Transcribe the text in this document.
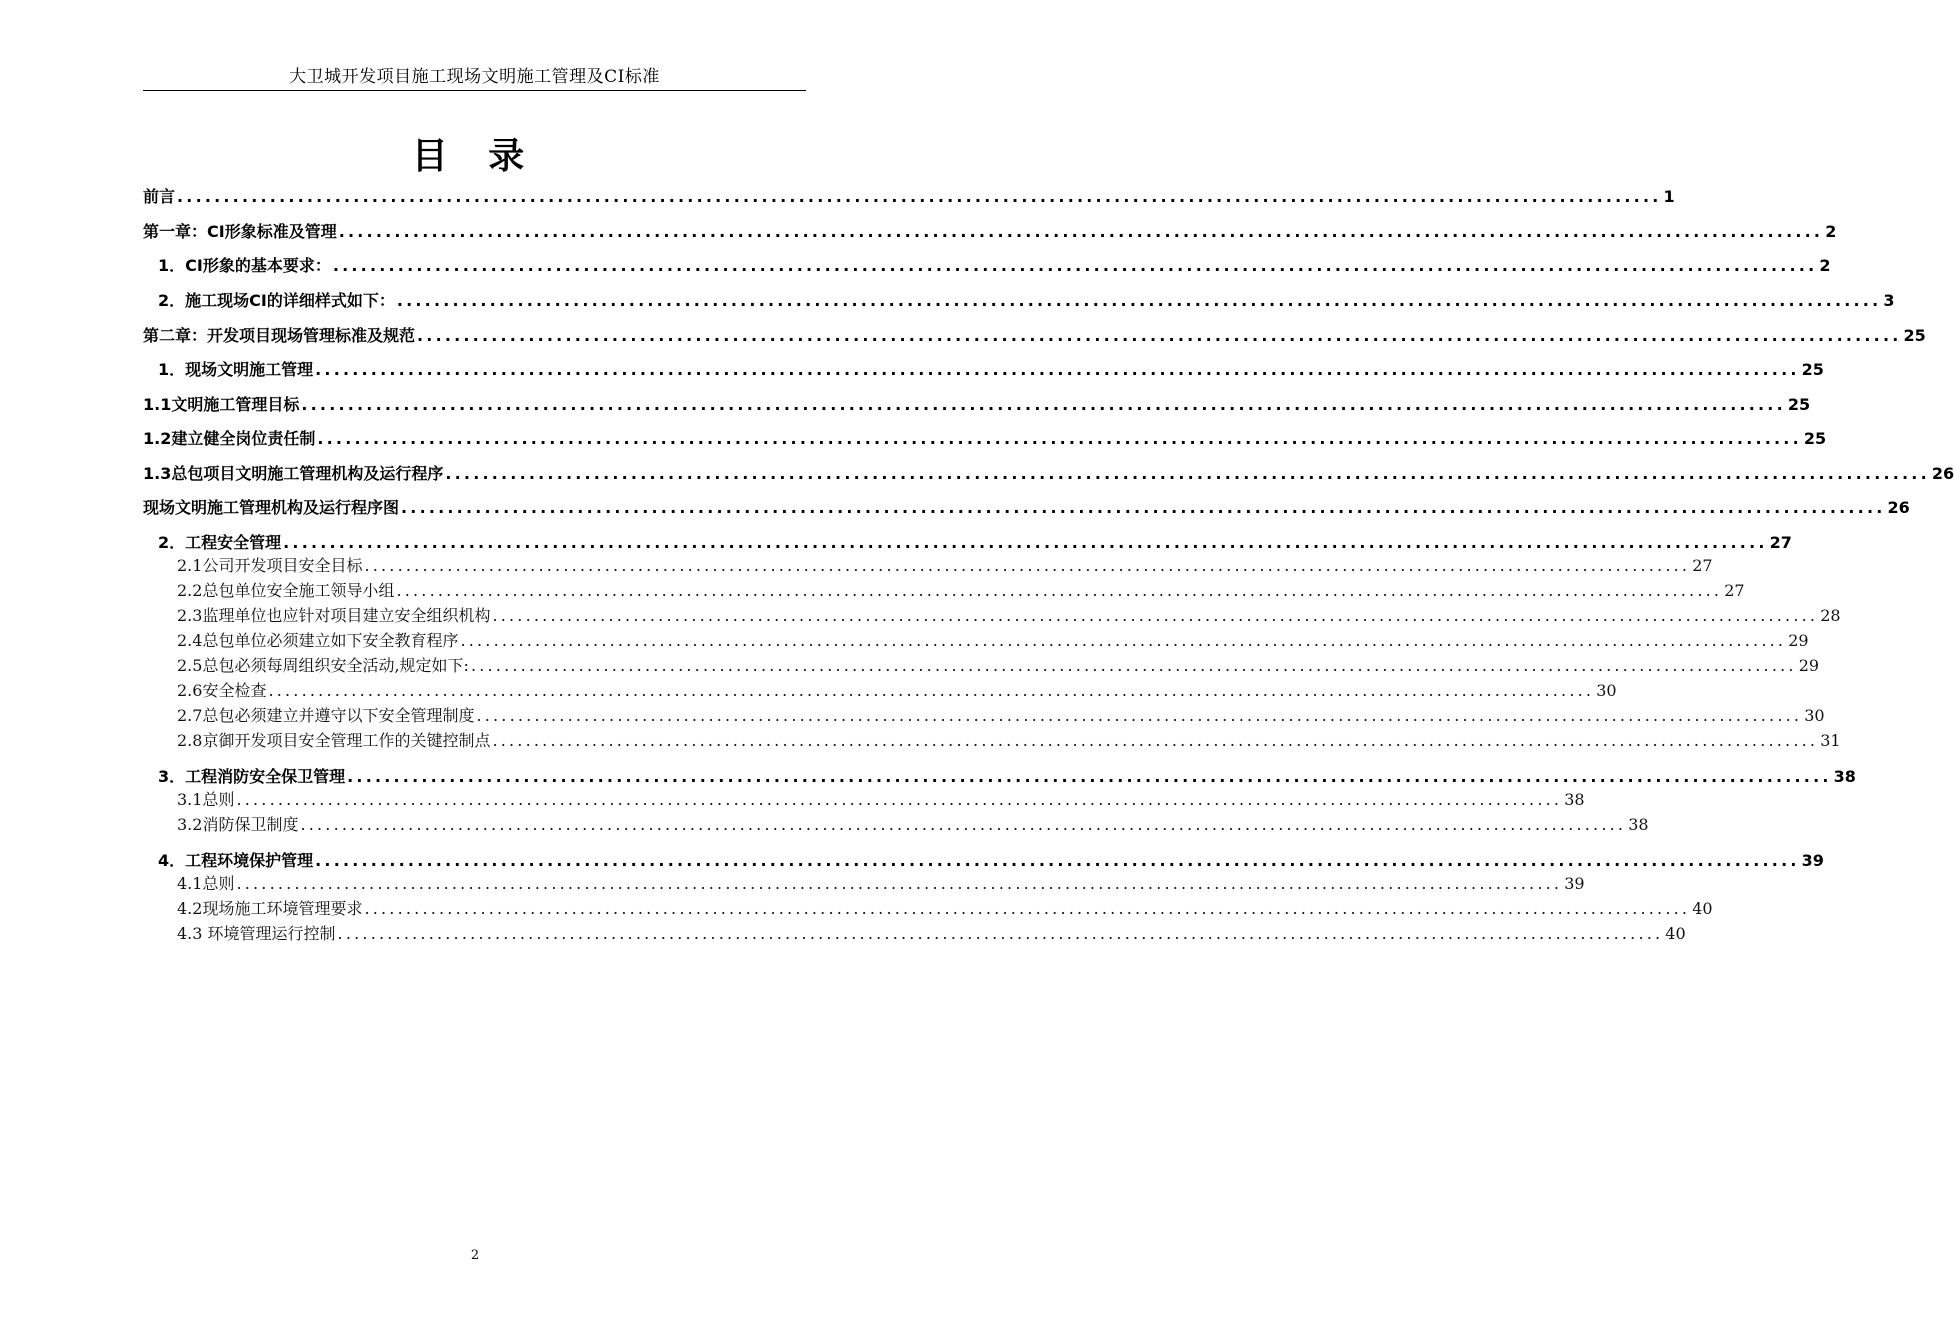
大卫城开发项目施工现场文明施工管理及CI标准
目 录
前言 ................................................................................................................................................................ 1
第一章：CI形象标准及管理 ................................................................................................................................................................ 2
1．CI形象的基本要求： ................................................................................................................................................................ 2
2．施工现场CI的详细样式如下： ................................................................................................................................................................ 3
第二章：开发项目现场管理标准及规范 ................................................................................................................................................................ 25
1．现场文明施工管理 ................................................................................................................................................................ 25
1.1文明施工管理目标 ................................................................................................................................................................ 25
1.2建立健全岗位责任制 ................................................................................................................................................................ 25
1.3总包项目文明施工管理机构及运行程序 ................................................................................................................................................................ 26
现场文明施工管理机构及运行程序图 ................................................................................................................................................................ 26
2．工程安全管理 ................................................................................................................................................................ 27
2.1公司开发项目安全目标 ................................................................................................................................................................ 27
2.2总包单位安全施工领导小组 ................................................................................................................................................................ 27
2.3监理单位也应针对项目建立安全组织机构 ................................................................................................................................................................ 28
2.4总包单位必须建立如下安全教育程序 ................................................................................................................................................................ 29
2.5总包必须每周组织安全活动,规定如下: ................................................................................................................................................................ 29
2.6安全检查 ................................................................................................................................................................ 30
2.7总包必须建立并遵守以下安全管理制度 ................................................................................................................................................................ 30
2.8京御开发项目安全管理工作的关键控制点 ................................................................................................................................................................ 31
3．工程消防安全保卫管理 ................................................................................................................................................................ 38
3.1总则 ................................................................................................................................................................ 38
3.2消防保卫制度 ................................................................................................................................................................ 38
4．工程环境保护管理 ................................................................................................................................................................ 39
4.1总则 ................................................................................................................................................................ 39
4.2现场施工环境管理要求 ................................................................................................................................................................ 40
4.3 环境管理运行控制 ................................................................................................................................................................ 40
2
